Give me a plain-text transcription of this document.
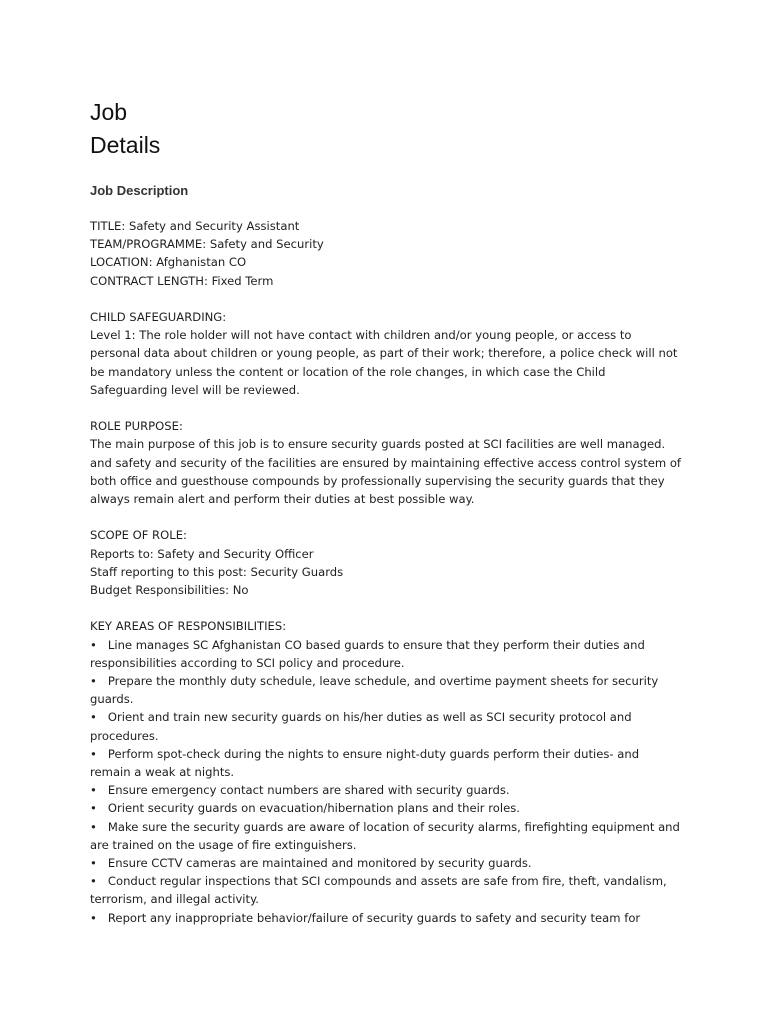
Job
Details
Job Description
TITLE: Safety and Security Assistant
TEAM/PROGRAMME: Safety and Security
LOCATION: Afghanistan CO
CONTRACT LENGTH: Fixed Term
CHILD SAFEGUARDING:
Level 1: The role holder will not have contact with children and/or young people, or access to
personal data about children or young people, as part of their work; therefore, a police check will not
be mandatory unless the content or location of the role changes, in which case the Child
Safeguarding level will be reviewed.
ROLE PURPOSE:
The main purpose of this job is to ensure security guards posted at SCI facilities are well managed.
and safety and security of the facilities are ensured by maintaining effective access control system of
both office and guesthouse compounds by professionally supervising the security guards that they
always remain alert and perform their duties at best possible way.
SCOPE OF ROLE:
Reports to: Safety and Security Officer
Staff reporting to this post: Security Guards
Budget Responsibilities: No
KEY AREAS OF RESPONSIBILITIES:
•   Line manages SC Afghanistan CO based guards to ensure that they perform their duties and
responsibilities according to SCI policy and procedure.
•   Prepare the monthly duty schedule, leave schedule, and overtime payment sheets for security
guards.
•   Orient and train new security guards on his/her duties as well as SCI security protocol and
procedures.
•   Perform spot-check during the nights to ensure night-duty guards perform their duties- and
remain a weak at nights.
•   Ensure emergency contact numbers are shared with security guards.
•   Orient security guards on evacuation/hibernation plans and their roles.
•   Make sure the security guards are aware of location of security alarms, firefighting equipment and
are trained on the usage of fire extinguishers.
•   Ensure CCTV cameras are maintained and monitored by security guards.
•   Conduct regular inspections that SCI compounds and assets are safe from fire, theft, vandalism,
terrorism, and illegal activity.
•   Report any inappropriate behavior/failure of security guards to safety and security team for
